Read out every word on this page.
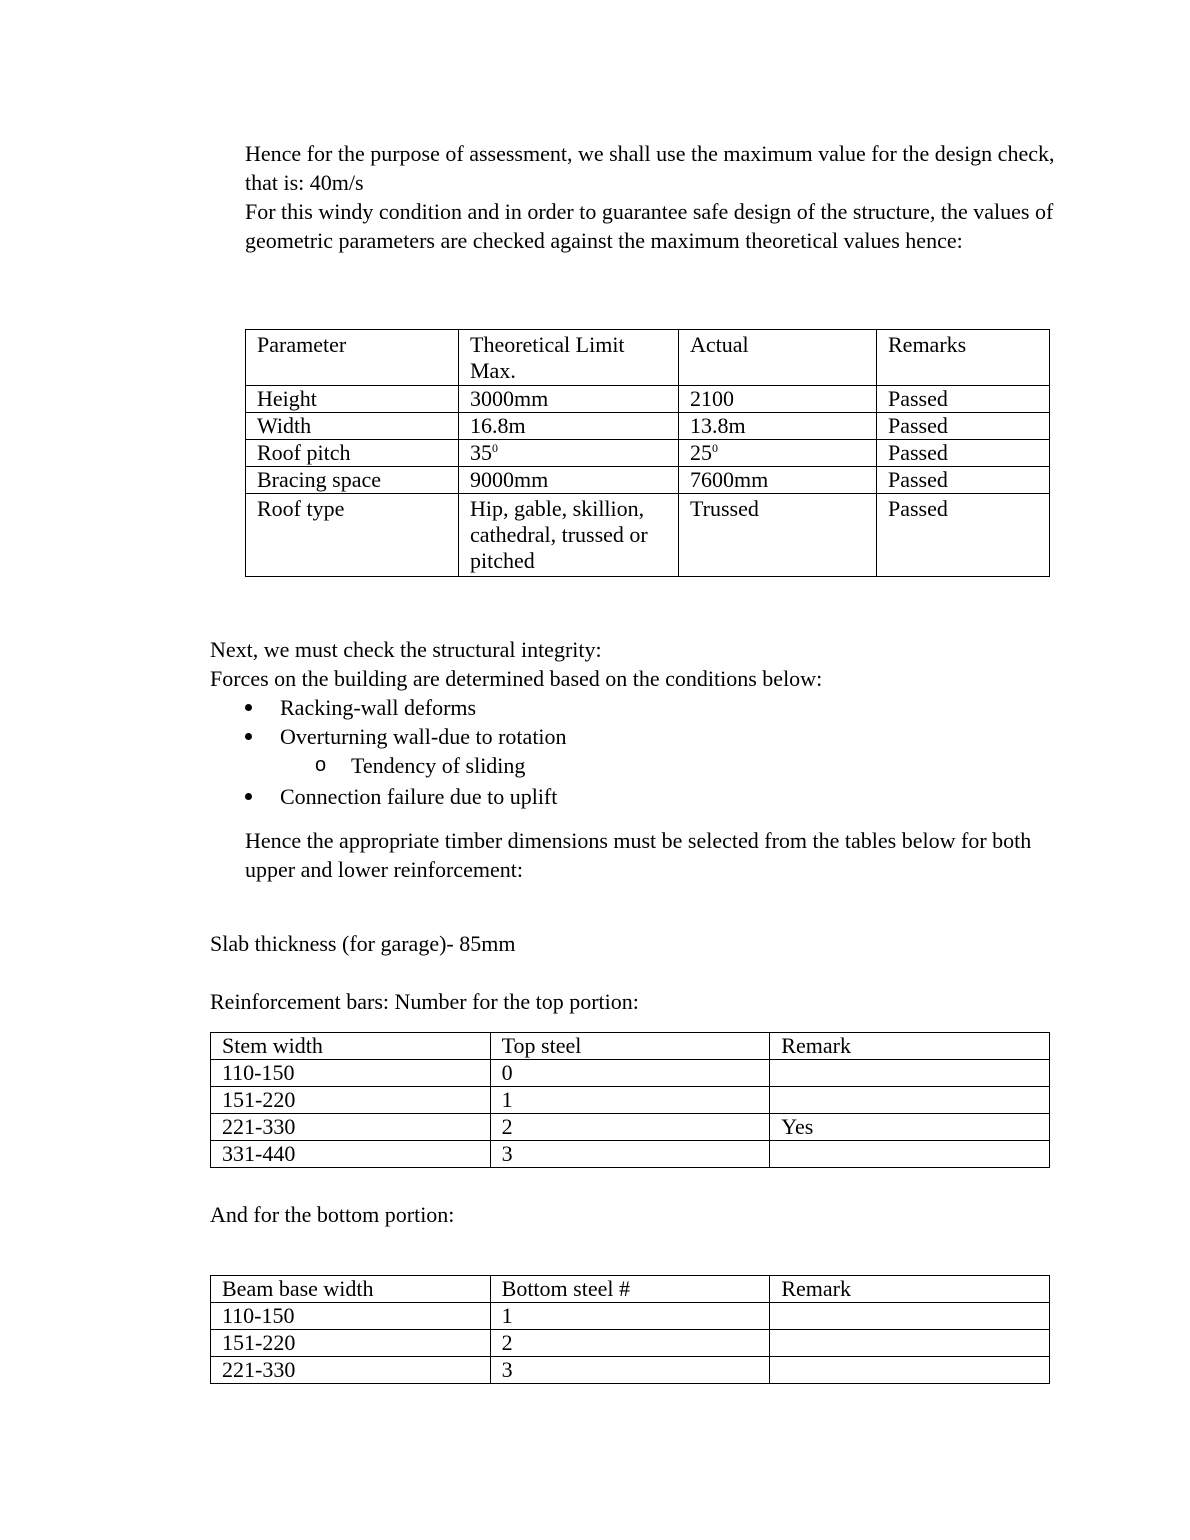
Hence for the purpose of assessment, we shall use the maximum value for the design check, that is: 40m/s

For this windy condition and in order to guarantee safe design of the structure, the values of geometric parameters are checked against the maximum theoretical values hence:

Parameter	Theoretical Limit Max.	Actual	Remarks
Height	3000mm	2100	Passed
Width	16.8m	13.8m	Passed
Roof pitch	$35^0$	$25^0$	Passed
Bracing space	9000mm	7600mm	Passed
Roof type	Hip, gable, skillion, cathedral, trussed or pitched	Trussed	Passed

Next, we must check the structural integrity:

Forces on the building are determined based on the conditions below:

Racking-wall deforms
Overturning wall-due to rotation
o Tendency of sliding
Connection failure due to uplift

Hence the appropriate timber dimensions must be selected from the tables below for both upper and lower reinforcement:

Slab thickness (for garage)- 85mm

Reinforcement bars: Number for the top portion:

Stem width	Top steel	Remark
110-150	0	
151-220	1	
221-330	2	Yes
331-440	3	

And for the bottom portion:

Beam base width	Bottom steel #	Remark
110-150	1	
151-220	2	
221-330	3	
